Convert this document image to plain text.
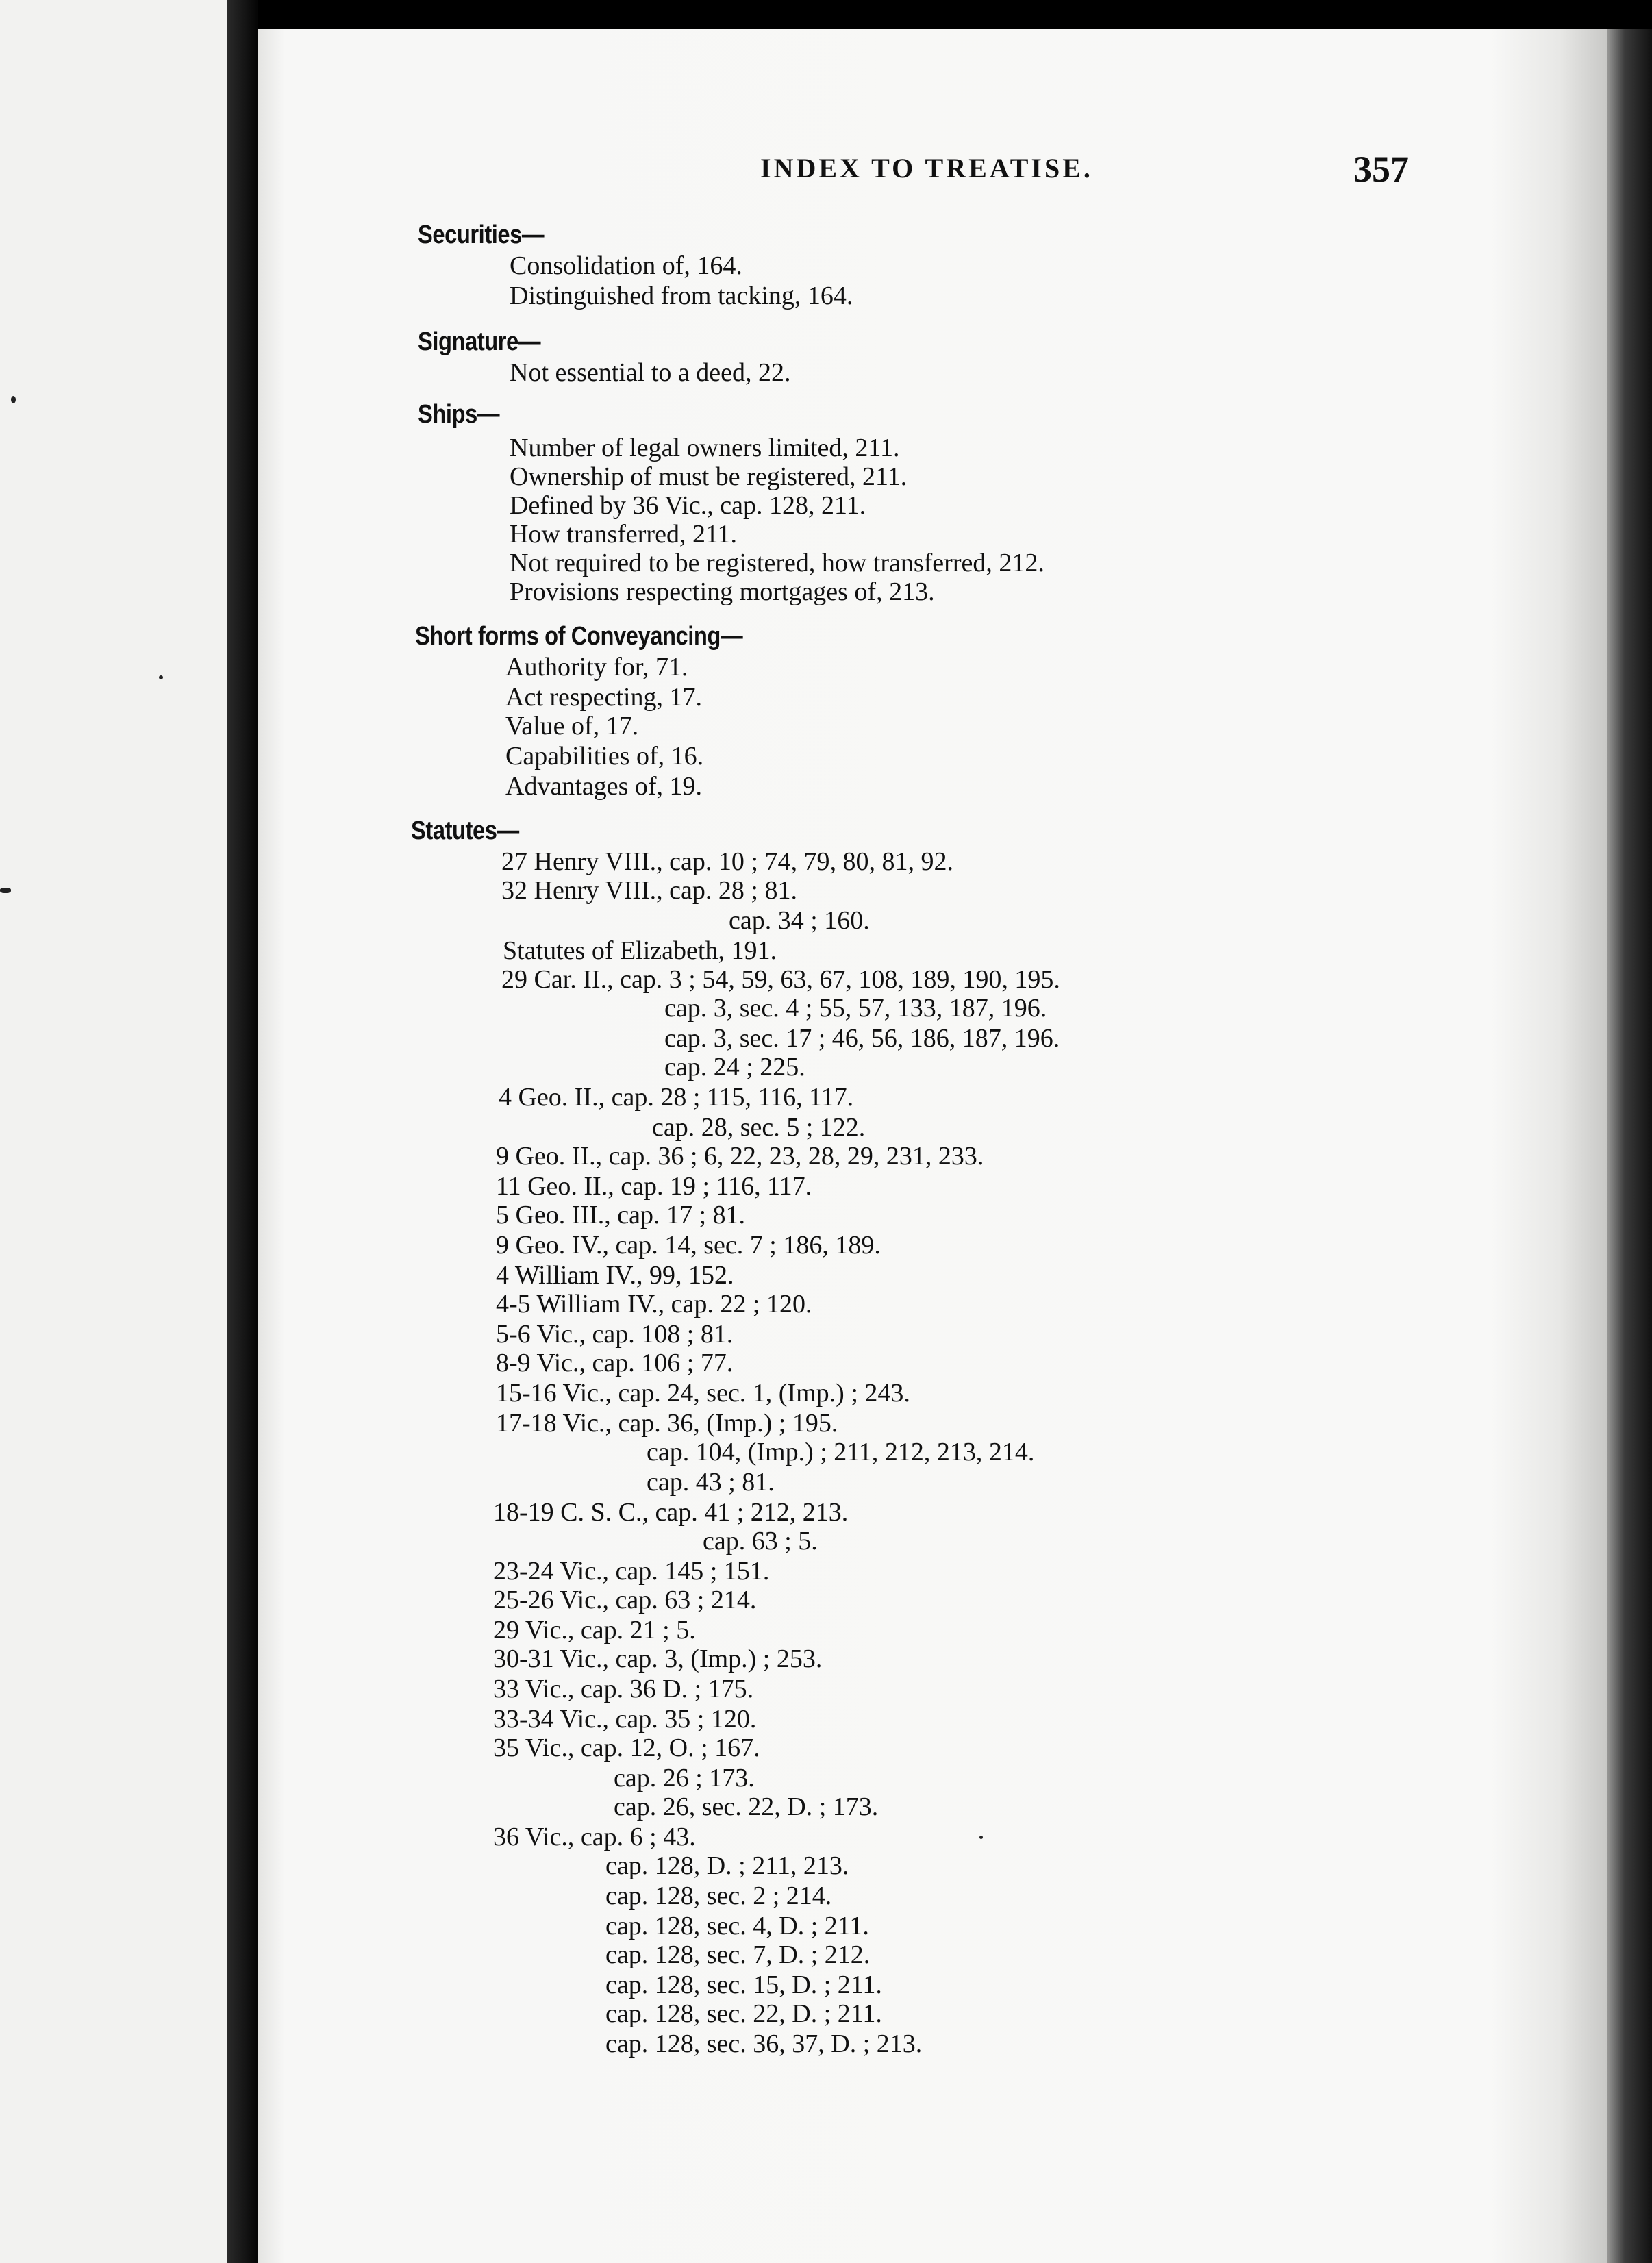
INDEX TO TREATISE.	357
Securities—
Consolidation of, 164.
Distinguished from tacking, 164.
Signature—
Not essential to a deed, 22.
Ships—
Number of legal owners limited, 211.
Ownership of must be registered, 211.
Defined by 36 Vic., cap. 128, 211.
How transferred, 211.
Not required to be registered, how transferred, 212.
Provisions respecting mortgages of, 213.
Short forms of Conveyancing—
Authority for, 71.
Act respecting, 17.
Value of, 17.
Capabilities of, 16.
Advantages of, 19.
Statutes—
27 Henry VIII., cap. 10 ; 74, 79, 80, 81, 92.
32 Henry VIII., cap. 28 ; 81.
cap. 34 ; 160.
Statutes of Elizabeth, 191.
29 Car. II., cap. 3 ; 54, 59, 63, 67, 108, 189, 190, 195.
cap. 3, sec. 4 ; 55, 57, 133, 187, 196.
cap. 3, sec. 17 ; 46, 56, 186, 187, 196.
cap. 24 ; 225.
4 Geo. II., cap. 28 ; 115, 116, 117.
cap. 28, sec. 5 ; 122.
9 Geo. II., cap. 36 ; 6, 22, 23, 28, 29, 231, 233.
11 Geo. II., cap. 19 ; 116, 117.
5 Geo. III., cap. 17 ; 81.
9 Geo. IV., cap. 14, sec. 7 ; 186, 189.
4 William IV., 99, 152.
4-5 William IV., cap. 22 ; 120.
5-6 Vic., cap. 108 ; 81.
8-9 Vic., cap. 106 ; 77.
15-16 Vic., cap. 24, sec. 1, (Imp.) ; 243.
17-18 Vic., cap. 36, (Imp.) ; 195.
cap. 104, (Imp.) ; 211, 212, 213, 214.
cap. 43 ; 81.
18-19 C. S. C., cap. 41 ; 212, 213.
cap. 63 ; 5.
23-24 Vic., cap. 145 ; 151.
25-26 Vic., cap. 63 ; 214.
29 Vic., cap. 21 ; 5.
30-31 Vic., cap. 3, (Imp.) ; 253.
33 Vic., cap. 36 D. ; 175.
33-34 Vic., cap. 35 ; 120.
35 Vic., cap. 12, O. ; 167.
cap. 26 ; 173.
cap. 26, sec. 22, D. ; 173.
36 Vic., cap. 6 ; 43.
cap. 128, D. ; 211, 213.
cap. 128, sec. 2 ; 214.
cap. 128, sec. 4, D. ; 211.
cap. 128, sec. 7, D. ; 212.
cap. 128, sec. 15, D. ; 211.
cap. 128, sec. 22, D. ; 211.
cap. 128, sec. 36, 37, D. ; 213.
